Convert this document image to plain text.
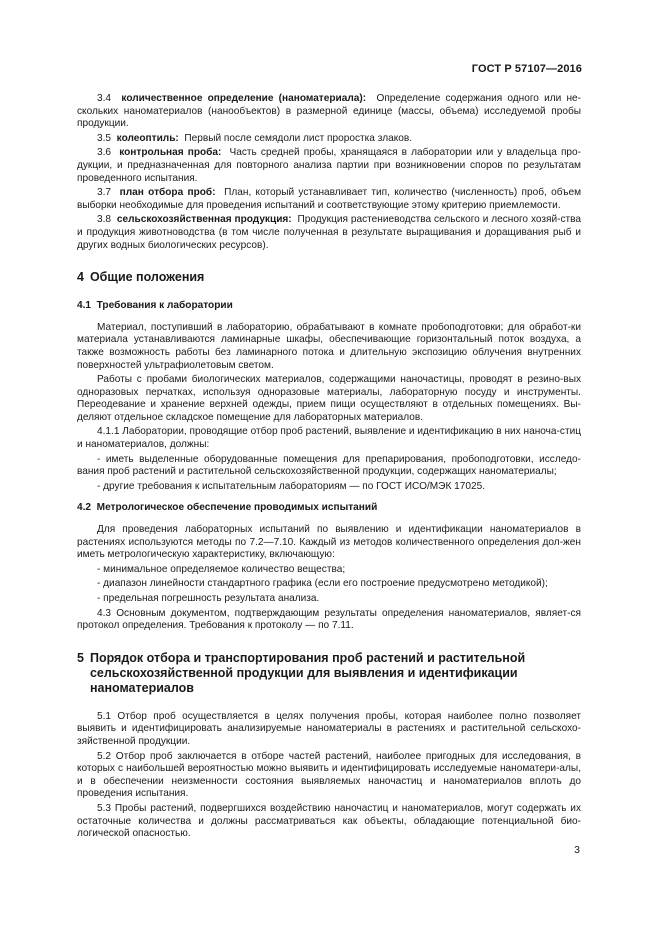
ГОСТ Р 57107—2016

3.4 количественное определение (наноматериала): Определение содержания одного или не-скольких наноматериалов (нанообъектов) в размерной единице (массы, объема) исследуемой пробы продукции.

3.5 колеоптиль: Первый после семядоли лист проростка злаков.

3.6 контрольная проба: Часть средней пробы, хранящаяся в лаборатории или у владельца про-дукции, и предназначенная для повторного анализа партии при возникновении споров по результатам проведенного испытания.

3.7 план отбора проб: План, который устанавливает тип, количество (численность) проб, объем выборки необходимые для проведения испытаний и соответствующие этому критерию приемлемости.

3.8 сельскохозяйственная продукция: Продукция растениеводства сельского и лесного хозяй-ства и продукция животноводства (в том числе полученная в результате выращивания и доращивания рыб и других водных биологических ресурсов).

4 Общие положения
4.1 Требования к лаборатории

Материал, поступивший в лабораторию, обрабатывают в комнате пробоподготовки; для обработ-ки материала устанавливаются ламинарные шкафы, обеспечивающие горизонтальный поток воздуха, а также возможность работы без ламинарного потока и длительную экспозицию облучения внутренних поверхностей ультрафиолетовым светом.

Работы с пробами биологических материалов, содержащими наночастицы, проводят в резино-вых одноразовых перчатках, используя одноразовые материалы, лабораторную посуду и инструменты. Переодевание и хранение верхней одежды, прием пищи осуществляют в отдельных помещениях. Вы-деляют отдельное складское помещение для лабораторных материалов.

4.1.1 Лаборатории, проводящие отбор проб растений, выявление и идентификацию в них наноча-стиц и наноматериалов, должны:

- иметь выделенные оборудованные помещения для препарирования, пробоподготовки, исследо-вания проб растений и растительной сельскохозяйственной продукции, содержащих наноматериалы;

- другие требования к испытательным лабораториям — по ГОСТ ИСО/МЭК 17025.

4.2 Метрологическое обеспечение проводимых испытаний

Для проведения лабораторных испытаний по выявлению и идентификации наноматериалов в растениях используются методы по 7.2—7.10. Каждый из методов количественного определения дол-жен иметь метрологическую характеристику, включающую:

- минимальное определяемое количество вещества;

- диапазон линейности стандартного графика (если его построение предусмотрено методикой);

- предельная погрешность результата анализа.

4.3 Основным документом, подтверждающим результаты определения наноматериалов, являет-ся протокол определения. Требования к протоколу — по 7.11.

5 Порядок отбора и транспортирования проб растений и растительной сельскохозяйственной продукции для выявления и идентификации наноматериалов

5.1 Отбор проб осуществляется в целях получения пробы, которая наиболее полно позволяет выявить и идентифицировать анализируемые наноматериалы в растениях и растительной сельскохо-зяйственной продукции.

5.2 Отбор проб заключается в отборе частей растений, наиболее пригодных для исследования, в которых с наибольшей вероятностью можно выявить и идентифицировать исследуемые наноматери-алы, и в обеспечении неизменности состояния выявляемых наночастиц и наноматериалов вплоть до проведения испытания.

5.3 Пробы растений, подвергшихся воздействию наночастиц и наноматериалов, могут содержать их остаточные количества и должны рассматриваться как объекты, обладающие потенциальной био-логической опасностью.

3
